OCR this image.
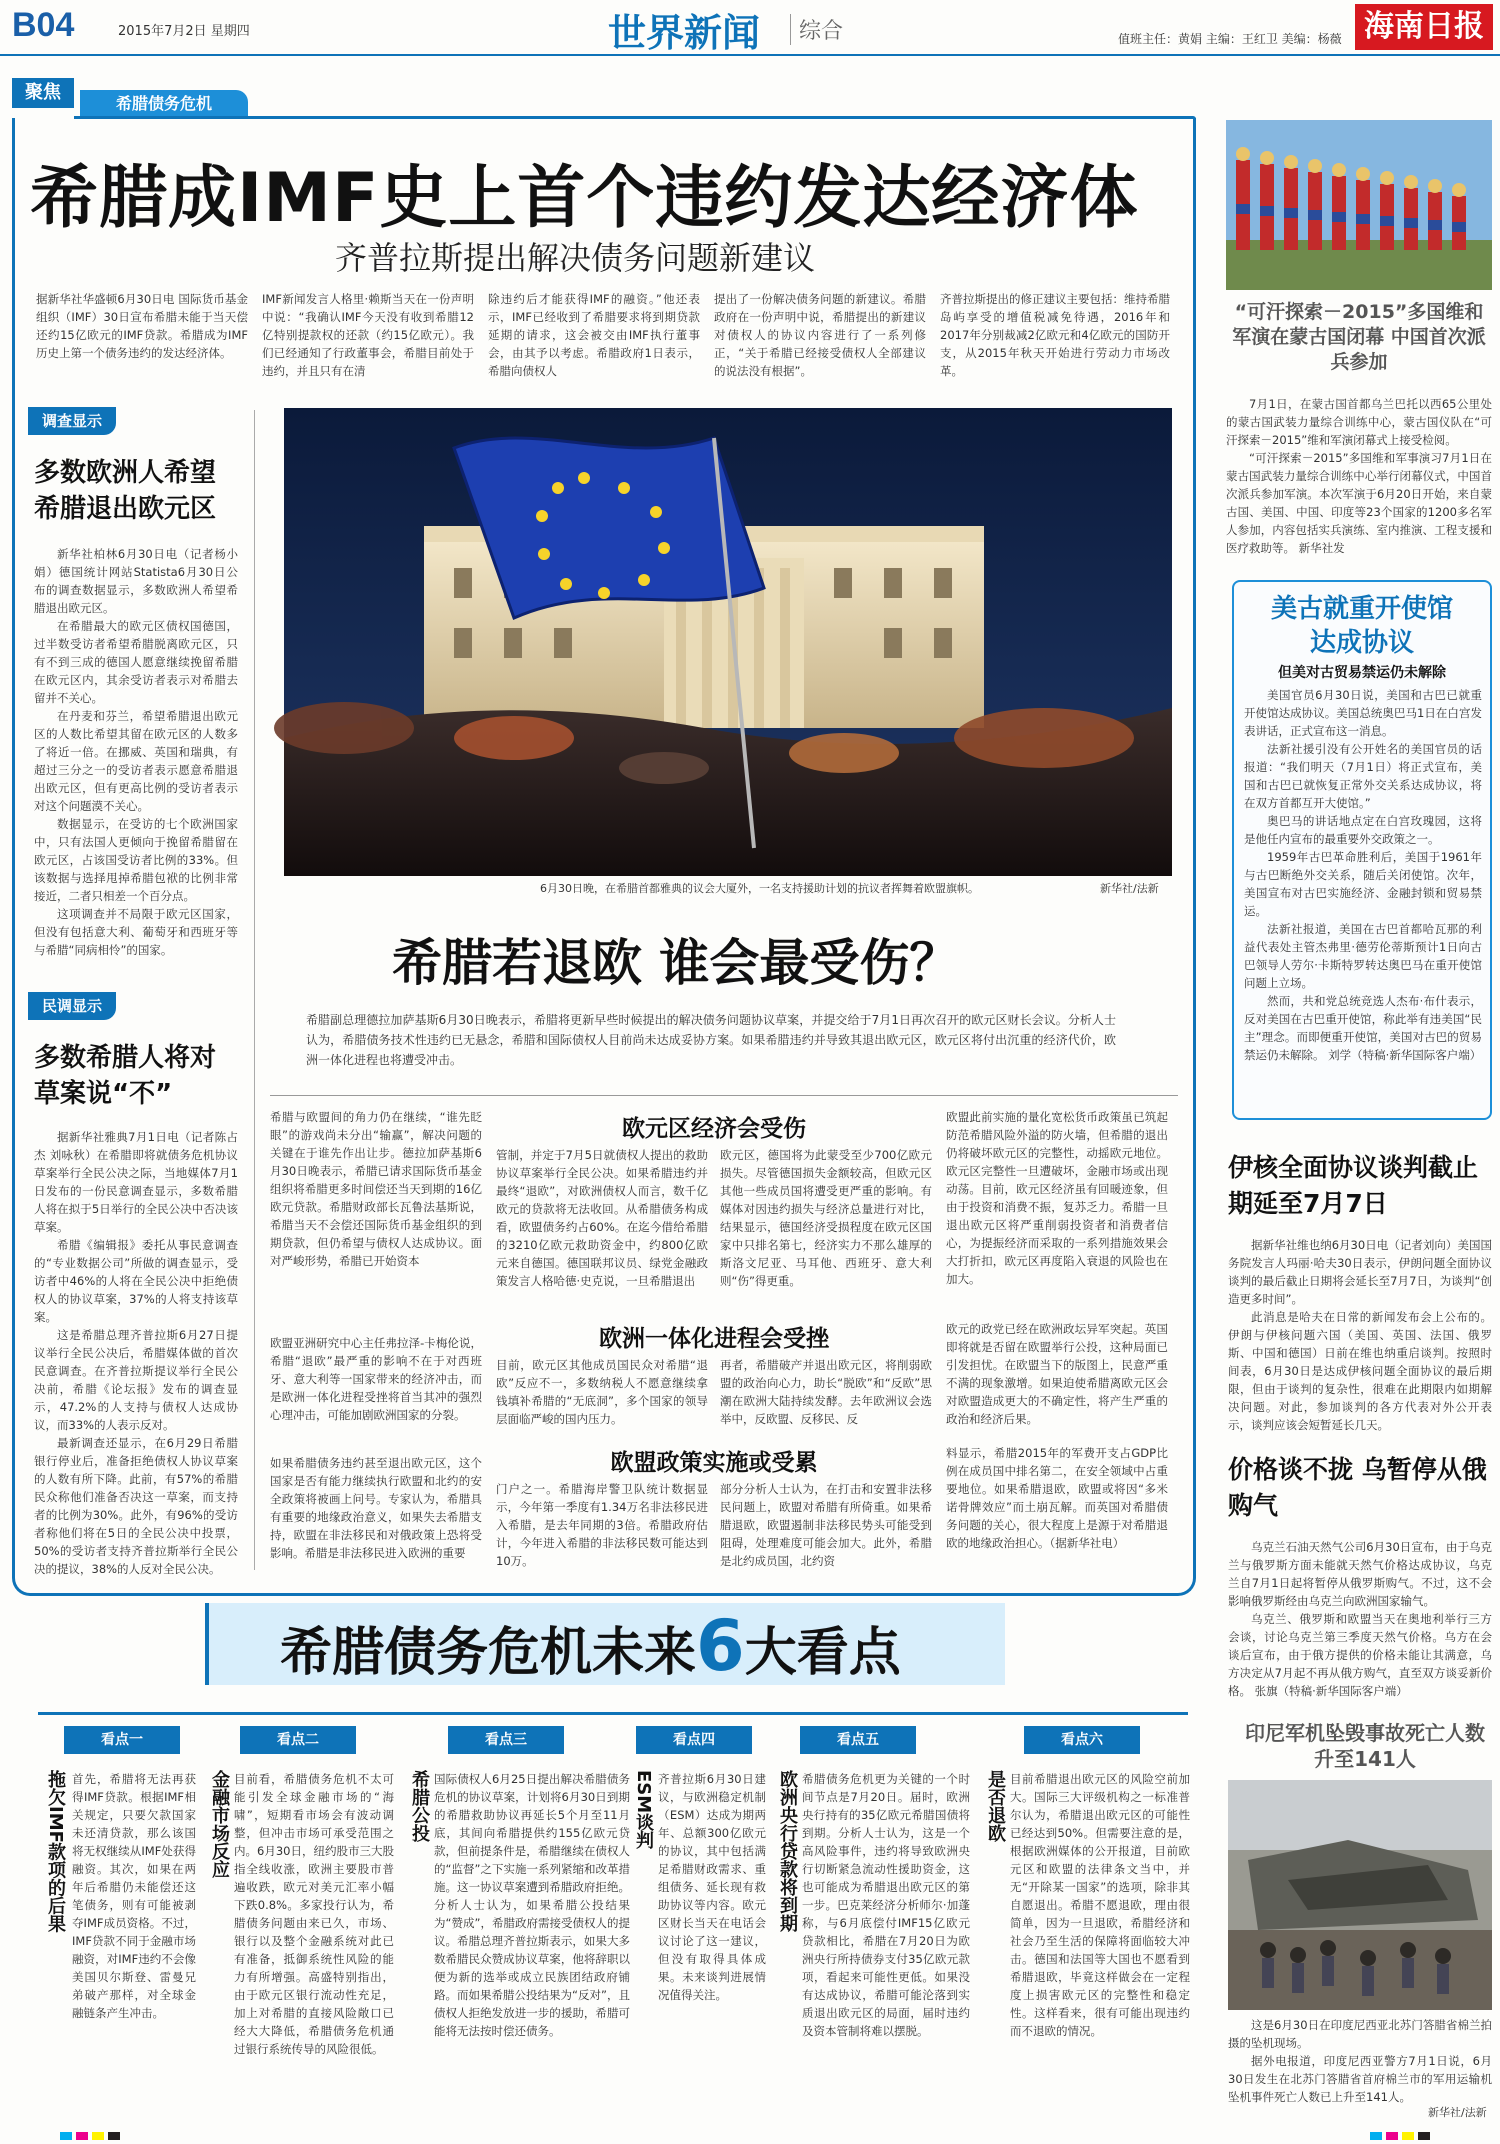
B04	2015年7月2日 星期四	世界新闻	综合	值班主任：黄娟 主编：王红卫 美编：杨薇 海南日报
聚焦
希腊债务危机
希腊成IMF史上首个违约发达经济体
齐普拉斯提出解决债务问题新建议
据新华社华盛顿6月30日电 国际货币基金组织（IMF）30日宣布希腊未能于当天偿还约15亿欧元的IMF贷款。希腊成为IMF历史上第一个债务违约的发达经济体。
IMF新闻发言人格里·赖斯当天在一份声明中说：“我确认IMF今天没有收到希腊12亿特别提款权的还款（约15亿欧元）。我们已经通知了行政董事会，希腊目前处于违约，并且只有在清
除违约后才能获得IMF的融资。”他还表示，IMF已经收到了希腊要求将到期贷款延期的请求，这会被交由IMF执行董事会，由其予以考虑。希腊政府1日表示，希腊向债权人
提出了一份解决债务问题的新建议。希腊政府在一份声明中说，希腊提出的新建议对债权人的协议内容进行了一系列修正，“关于希腊已经接受债权人全部建议的说法没有根据”。
齐普拉斯提出的修正建议主要包括：维持希腊岛屿享受的增值税减免待遇，2016年和2017年分别裁减2亿欧元和4亿欧元的国防开支，从2015年秋天开始进行劳动力市场改革。
调查显示
多数欧洲人希望希腊退出欧元区

新华社柏林6月30日电（记者杨小娟）德国统计网站Statista6月30日公布的调查数据显示，多数欧洲人希望希腊退出欧元区。

在希腊最大的欧元区债权国德国，过半数受访者希望希腊脱离欧元区，只有不到三成的德国人愿意继续挽留希腊在欧元区内，其余受访者表示对希腊去留并不关心。

在丹麦和芬兰，希望希腊退出欧元区的人数比希望其留在欧元区的人数多了将近一倍。在挪威、英国和瑞典，有超过三分之一的受访者表示愿意希腊退出欧元区，但有更高比例的受访者表示对这个问题漠不关心。

数据显示，在受访的七个欧洲国家中，只有法国人更倾向于挽留希腊留在欧元区，占该国受访者比例的33%。但该数据与选择甩掉希腊包袱的比例非常接近，二者只相差一个百分点。

这项调查并不局限于欧元区国家，但没有包括意大利、葡萄牙和西班牙等与希腊“同病相怜”的国家。

民调显示
多数希腊人将对草案说“不”

据新华社雅典7月1日电（记者陈占杰 刘咏秋）在希腊即将就债务危机协议草案举行全民公决之际，当地媒体7月1日发布的一份民意调查显示，多数希腊人将在拟于5日举行的全民公决中否决该草案。

希腊《编辑报》委托从事民意调查的“专业数据公司”所做的调查显示，受访者中46%的人将在全民公决中拒绝债权人的协议草案，37%的人将支持该草案。

这是希腊总理齐普拉斯6月27日提议举行全民公决后，希腊媒体做的首次民意调查。在齐普拉斯提议举行全民公决前，希腊《论坛报》发布的调查显示，47.2%的人支持与债权人达成协议，而33%的人表示反对。

最新调查还显示，在6月29日希腊银行停业后，准备拒绝债权人协议草案的人数有所下降。此前，有57%的希腊民众称他们准备否决这一草案，而支持者的比例为30%。此外，有96%的受访者称他们将在5日的全民公决中投票，50%的受访者支持齐普拉斯举行全民公决的提议，38%的人反对全民公决。

6月30日晚，在希腊首都雅典的议会大厦外，一名支持援助计划的抗议者挥舞着欧盟旗帜。	新华社/法新
希腊若退欧 谁会最受伤？
希腊副总理德拉加萨基斯6月30日晚表示，希腊将更新早些时候提出的解决债务问题协议草案，并提交给于7月1日再次召开的欧元区财长会议。分析人士认为，希腊债务技术性违约已无悬念，希腊和国际债权人目前尚未达成妥协方案。如果希腊违约并导致其退出欧元区，欧元区将付出沉重的经济代价，欧洲一体化进程也将遭受冲击。
希腊与欧盟间的角力仍在继续，“谁先眨眼”的游戏尚未分出“输赢”，解决问题的关键在于谁先作出让步。德拉加萨基斯6月30日晚表示，希腊已请求国际货币基金组织将希腊更多时间偿还当天到期的16亿欧元贷款。希腊财政部长瓦鲁法基斯说，希腊当天不会偿还国际货币基金组织的到期贷款，但仍希望与债权人达成协议。面对严峻形势，希腊已开始资本
欧元区经济会受伤
管制，并定于7月5日就债权人提出的救助协议草案举行全民公决。如果希腊违约并最终“退欧”，对欧洲债权人而言，数千亿欧元的贷款将无法收回。从希腊债务构成看，欧盟债务约占60%。在迄今借给希腊的3210亿欧元救助资金中，约800亿欧元来自德国。德国联邦议员、绿党金融政策发言人格哈德·史克说，一旦希腊退出
欧元区，德国将为此蒙受至少700亿欧元损失。尽管德国损失金额较高，但欧元区其他一些成员国将遭受更严重的影响。有媒体对因违约损失与经济总量进行对比，结果显示，德国经济受损程度在欧元区国家中只排名第七，经济实力不那么雄厚的斯洛文尼亚、马耳他、西班牙、意大利则“伤”得更重。
欧盟此前实施的量化宽松货币政策虽已筑起防范希腊风险外溢的防火墙，但希腊的退出仍将破坏欧元区的完整性，动摇欧元地位。欧元区完整性一旦遭破坏，金融市场或出现动荡。目前，欧元区经济虽有回暖迹象，但由于投资和消费不振，复苏乏力。希腊一旦退出欧元区将严重削弱投资者和消费者信心，为提振经济而采取的一系列措施效果会大打折扣，欧元区再度陷入衰退的风险也在加大。
欧盟亚洲研究中心主任弗拉泽-卡梅伦说，希腊“退欧”最严重的影响不在于对西班牙、意大利等一国家带来的经济冲击，而是欧洲一体化进程受挫将首当其冲的强烈心理冲击，可能加剧欧洲国家的分裂。
欧洲一体化进程会受挫
目前，欧元区其他成员国民众对希腊“退欧”反应不一，多数纳税人不愿意继续拿钱填补希腊的“无底洞”，多个国家的领导层面临严峻的国内压力。
再者，希腊破产并退出欧元区，将削弱欧盟的政治向心力，助长“脱欧”和“反欧”思潮在欧洲大陆持续发酵。去年欧洲议会选举中，反欧盟、反移民、反
欧元的政党已经在欧洲政坛异军突起。英国即将就是否留在欧盟举行公投，这种局面已引发担忧。在欧盟当下的版图上，民意严重不满的现象激增。如果迫使希腊离欧元区会对欧盟造成更大的不确定性，将产生严重的政治和经济后果。
如果希腊债务违约甚至退出欧元区，这个国家是否有能力继续执行欧盟和北约的安全政策将被画上问号。专家认为，希腊具有重要的地缘政治意义，如果失去希腊支持，欧盟在非法移民和对俄政策上恐将受影响。希腊是非法移民进入欧洲的重要
欧盟政策实施或受累
门户之一。希腊海岸警卫队统计数据显示，今年第一季度有1.34万名非法移民进入希腊，是去年同期的3倍。希腊政府估计，今年进入希腊的非法移民数可能达到10万。
部分分析人士认为，在打击和安置非法移民问题上，欧盟对希腊有所倚重。如果希腊退欧，欧盟遏制非法移民势头可能受到阻碍，处理难度可能会加大。此外，希腊是北约成员国，北约资
料显示，希腊2015年的军费开支占GDP比例在成员国中排名第二，在安全领域中占重要地位。如果希腊退欧，欧盟或将因“多米诺骨牌效应”而土崩瓦解。而英国对希腊债务问题的关心，很大程度上是源于对希腊退欧的地缘政治担心。（据新华社电）
希腊债务危机未来6大看点
看点一
拖欠IMF款项的后果 首先，希腊将无法再获得IMF贷款。根据IMF相关规定，只要欠款国家未还清贷款，那么该国将无权继续从IMF处获得融资。其次，如果在两年后希腊仍未能偿还这笔债务，则有可能被剥夺IMF成员资格。不过，IMF贷款不同于金融市场融资，对IMF违约不会像美国贝尔斯登、雷曼兄弟破产那样，对全球金融链条产生冲击。
看点二
金融市场反应 目前看，希腊债务危机不太可能引发全球金融市场的“海啸”，短期看市场会有波动调整，但冲击市场可承受范围之内。6月30日，纽约股市三大股指全线收涨，欧洲主要股市普遍收跌，欧元对美元汇率小幅下跌0.8%。多家投行认为，希腊债务问题由来已久，市场、银行以及整个金融系统对此已有准备，抵御系统性风险的能力有所增强。高盛特别指出，由于欧元区银行流动性充足，加上对希腊的直接风险敞口已经大大降低，希腊债务危机通过银行系统传导的风险很低。
看点三
希腊公投 国际债权人6月25日提出解决希腊债务危机的协议草案，计划将6月30日到期的希腊救助协议再延长5个月至11月底，其间向希腊提供约155亿欧元贷款，但前提条件是，希腊继续在债权人的“监督”之下实施一系列紧缩和改革措施。这一协议草案遭到希腊政府拒绝。分析人士认为，如果希腊公投结果为“赞成”，希腊政府需接受债权人的提议。希腊总理齐普拉斯表示，如果大多数希腊民众赞成协议草案，他将辞职以便为新的选举或成立民族团结政府铺路。而如果希腊公投结果为“反对”，且债权人拒绝发放进一步的援助，希腊可能将无法按时偿还债务。
看点四
ESM谈判 齐普拉斯6月30日建议，与欧洲稳定机制（ESM）达成为期两年、总额300亿欧元的协议，其中包括满足希腊财政需求、重组债务、延长现有救助协议等内容。欧元区财长当天在电话会议讨论了这一建议，但没有取得具体成果。未来谈判进展情况值得关注。
看点五
欧洲央行贷款将到期 希腊债务危机更为关键的一个时间节点是7月20日。届时，欧洲央行持有的35亿欧元希腊国债将到期。分析人士认为，这是一个高风险事件，违约将导致欧洲央行切断紧急流动性援助资金，这也可能成为希腊退出欧元区的第一步。巴克莱经济分析师尔·加蓬称，与6月底偿付IMF15亿欧元贷款相比，希腊在7月20日为欧洲央行所持债券支付35亿欧元款项，看起来可能性更低。如果没有达成协议，希腊可能沦落到实质退出欧元区的局面，届时违约及资本管制将难以摆脱。
看点六
是否退欧 目前希腊退出欧元区的风险空前加大。国际三大评级机构之一标准普尔认为，希腊退出欧元区的可能性已经达到50%。但需要注意的是，根据欧洲媒体的公开报道，目前欧元区和欧盟的法律条文当中，并无“开除某一国家”的选项，除非其自愿退出。希腊不愿退欧，理由很简单，因为一旦退欧，希腊经济和社会乃至生活的保障将面临较大冲击。德国和法国等大国也不愿看到希腊退欧，毕竟这样做会在一定程度上损害欧元区的完整性和稳定性。这样看来，很有可能出现违约而不退欧的情况。
“可汗探索－2015”多国维和军演在蒙古国闭幕 中国首次派兵参加

7月1日，在蒙古国首都乌兰巴托以西65公里处的蒙古国武装力量综合训练中心，蒙古国仪队在“可汗探索－2015”维和军演闭幕式上接受检阅。

“可汗探索－2015”多国维和军事演习7月1日在蒙古国武装力量综合训练中心举行闭幕仪式，中国首次派兵参加军演。本次军演于6月20日开始，来自蒙古国、美国、中国、印度等23个国家的1200多名军人参加，内容包括实兵演练、室内推演、工程支援和医疗救助等。 新华社发

美古就重开使馆
达成协议
但美对古贸易禁运仍未解除

美国官员6月30日说，美国和古巴已就重开使馆达成协议。美国总统奥巴马1日在白宫发表讲话，正式宣布这一消息。

法新社援引没有公开姓名的美国官员的话报道：“我们明天（7月1日）将正式宣布，美国和古巴已就恢复正常外交关系达成协议，将在双方首都互开大使馆。”

奥巴马的讲话地点定在白宫玫瑰园，这将是他任内宣布的最重要外交政策之一。

1959年古巴革命胜利后，美国于1961年与古巴断绝外交关系，随后关闭使馆。次年，美国宣布对古巴实施经济、金融封锁和贸易禁运。

法新社报道，美国在古巴首都哈瓦那的利益代表处主管杰弗里·德劳伦蒂斯预计1日向古巴领导人劳尔·卡斯特罗转达奥巴马在重开使馆问题上立场。

然而，共和党总统竞选人杰布·布什表示，反对美国在古巴重开使馆，称此举有违美国“民主”理念。而即便重开使馆，美国对古巴的贸易禁运仍未解除。 刘学（特稿·新华国际客户端）

伊核全面协议谈判截止期延至7月7日

据新华社维也纳6月30日电（记者刘向）美国国务院发言人玛丽·哈夫30日表示，伊朗问题全面协议谈判的最后截止日期将会延长至7月7日，为谈判“创造更多时间”。

此消息是哈夫在日常的新闻发布会上公布的。伊朗与伊核问题六国（美国、英国、法国、俄罗斯、中国和德国）日前在维也纳重启谈判。按照时间表，6月30日是达成伊核问题全面协议的最后期限，但由于谈判的复杂性，很难在此期限内如期解决问题。对此，参加谈判的各方代表对外公开表示，谈判应该会短暂延长几天。

价格谈不拢 乌暂停从俄购气

乌克兰石油天然气公司6月30日宣布，由于乌克兰与俄罗斯方面未能就天然气价格达成协议，乌克兰自7月1日起将暂停从俄罗斯购气。不过，这不会影响俄罗斯经由乌克兰向欧洲国家输气。

乌克兰、俄罗斯和欧盟当天在奥地利举行三方会谈，讨论乌克兰第三季度天然气价格。乌方在会谈后宣布，由于俄方提供的价格未能让其满意，乌方决定从7月起不再从俄方购气，直至双方谈妥新价格。 张旗（特稿·新华国际客户端）

印尼军机坠毁事故死亡人数升至141人

这是6月30日在印度尼西亚北苏门答腊省棉兰拍摄的坠机现场。

据外电报道，印度尼西亚警方7月1日说，6月30日发生在北苏门答腊省首府棉兰市的军用运输机坠机事件死亡人数已上升至141人。

新华社/法新
